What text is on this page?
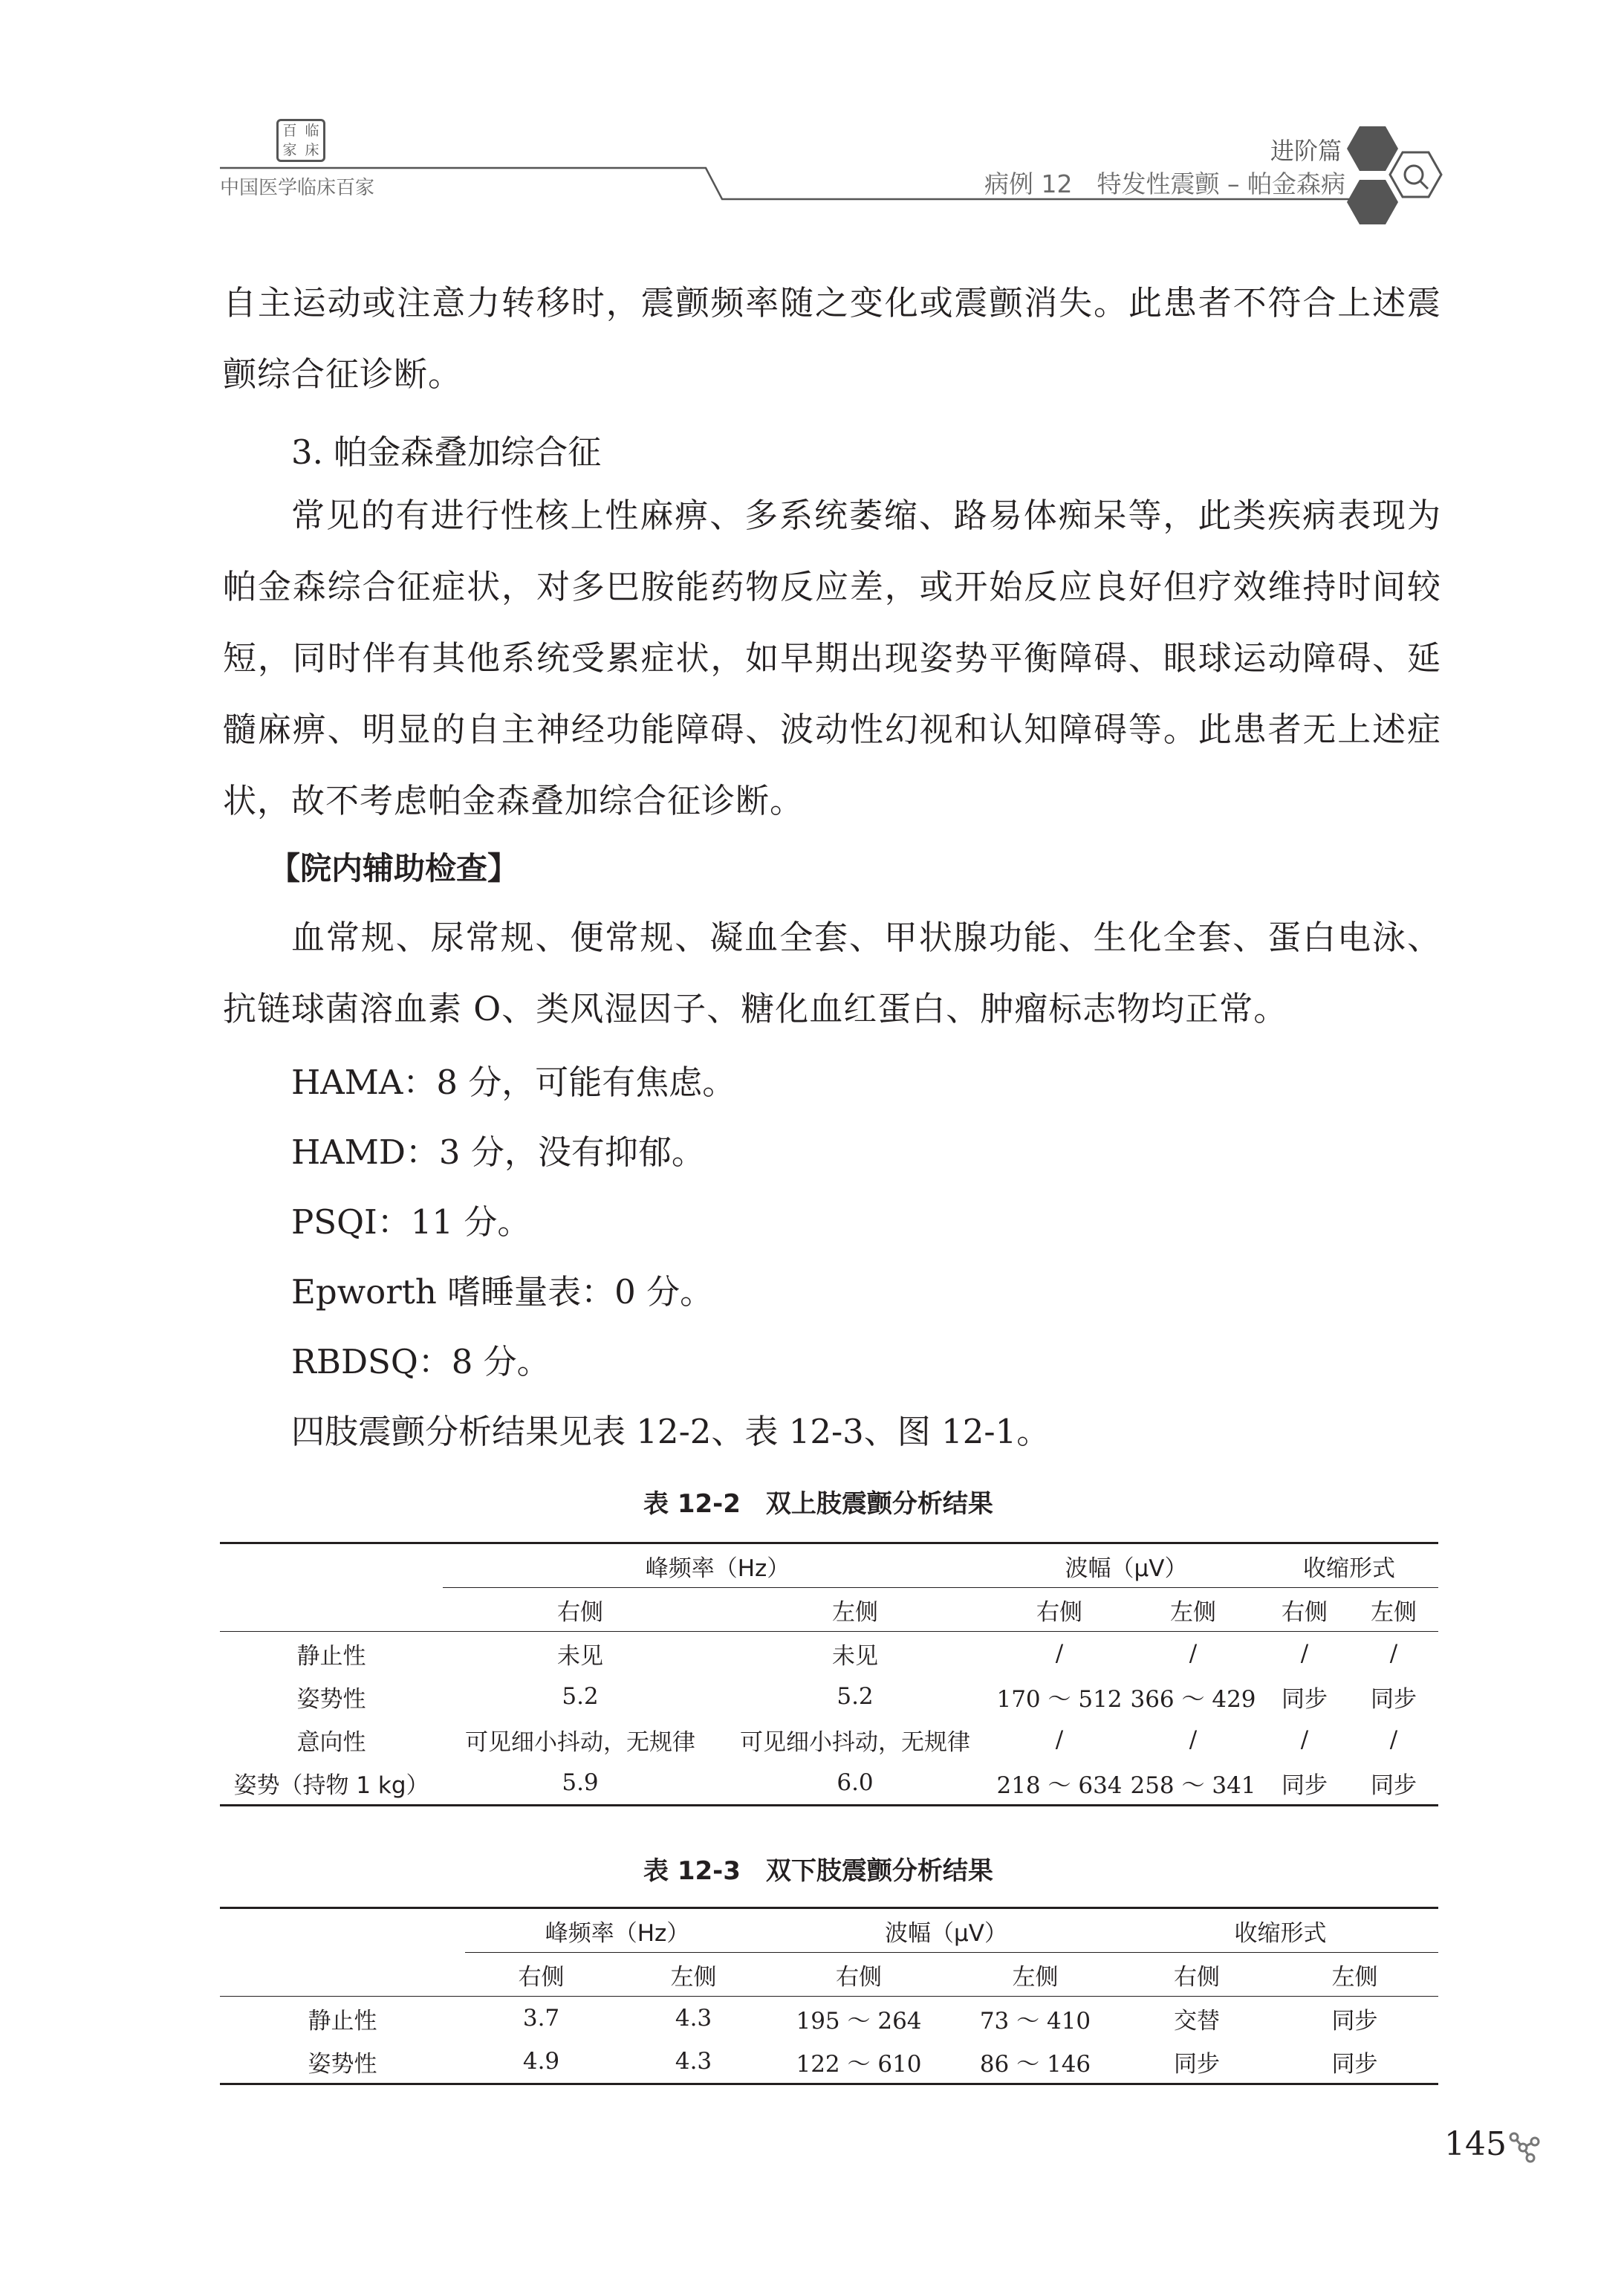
百 临
家 床
中国医学临床百家
进阶篇
病例 12　特发性震颤 – 帕金森病

自主运动或注意力转移时，震颤频率随之变化或震颤消失。此患者不符合上述震颤综合征诊断。

3. 帕金森叠加综合征

常见的有进行性核上性麻痹、多系统萎缩、路易体痴呆等，此类疾病表现为帕金森综合征症状，对多巴胺能药物反应差，或开始反应良好但疗效维持时间较短，同时伴有其他系统受累症状，如早期出现姿势平衡障碍、眼球运动障碍、延髓麻痹、明显的自主神经功能障碍、波动性幻视和认知障碍等。此患者无上述症状，故不考虑帕金森叠加综合征诊断。

【院内辅助检查】

血常规、尿常规、便常规、凝血全套、甲状腺功能、生化全套、蛋白电泳、抗链球菌溶血素 O、类风湿因子、糖化血红蛋白、肿瘤标志物均正常。

HAMA：8 分，可能有焦虑。

HAMD：3 分，没有抑郁。

PSQI：11 分。

Epworth 嗜睡量表：0 分。

RBDSQ：8 分。

四肢震颤分析结果见表 12-2、表 12-3、图 12-1。

表 12-2　双上肢震颤分析结果
	峰频率（Hz）		波幅（μV）		收缩形式	
	右侧	左侧	右侧	左侧	右侧	左侧
静止性	未见	未见	/	/	/	/
姿势性	5.2	5.2	170 ～ 512	366 ～ 429	同步	同步
意向性	可见细小抖动，无规律	可见细小抖动，无规律	/	/	/	/
姿势（持物 1 kg）	5.9	6.0	218 ～ 634	258 ～ 341	同步	同步
表 12-3　双下肢震颤分析结果
	峰频率（Hz）		波幅（μV）		收缩形式	
	右侧	左侧	右侧	左侧	右侧	左侧
静止性	3.7	4.3	195 ～ 264	73 ～ 410	交替	同步
姿势性	4.9	4.3	122 ～ 610	86 ～ 146	同步	同步
145
